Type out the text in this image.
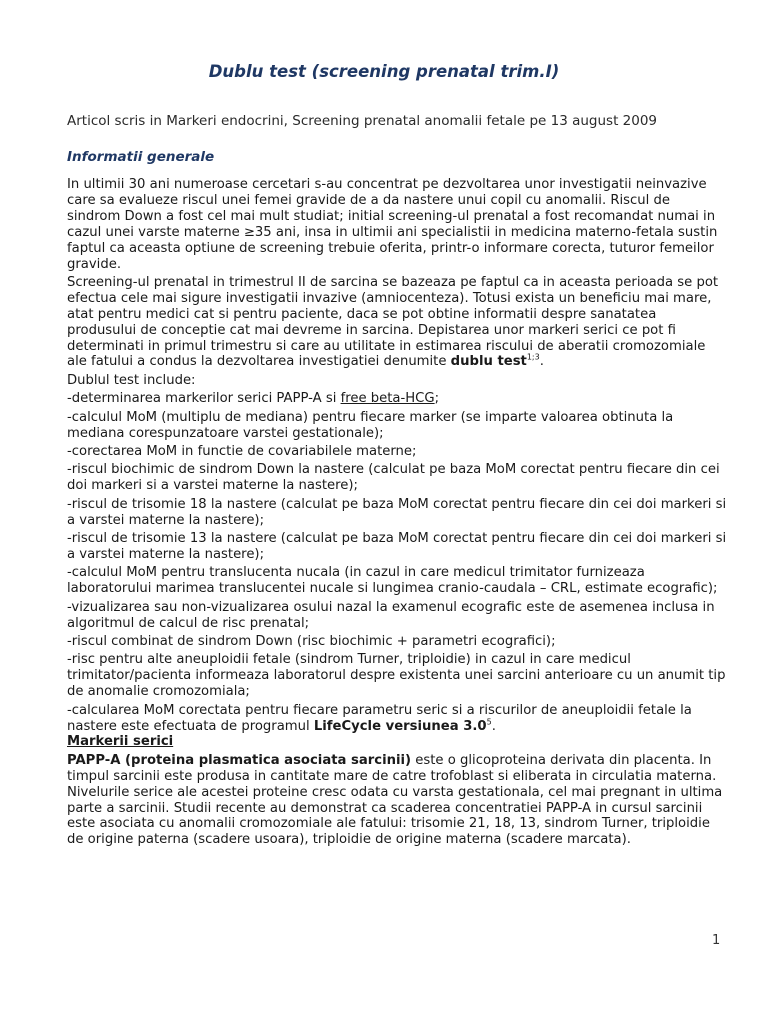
Dublu test (screening prenatal trim.I)

Articol scris in Markeri endocrini, Screening prenatal anomalii fetale pe 13 august 2009

Informatii generale

In ultimii 30 ani numeroase cercetari s-au concentrat pe dezvoltarea unor investigatii neinvazive care sa evalueze riscul unei femei gravide de a da nastere unui copil cu anomalii. Riscul de sindrom Down a fost cel mai mult studiat; initial screening-ul prenatal a fost recomandat numai in cazul unei varste materne ≥35 ani, insa in ultimii ani specialistii in medicina materno-fetala sustin faptul ca aceasta optiune de screening trebuie oferita, printr-o informare corecta, tuturor femeilor gravide.

Screening-ul prenatal in trimestrul II de sarcina se bazeaza pe faptul ca in aceasta perioada se pot efectua cele mai sigure investigatii invazive (amniocenteza). Totusi exista un beneficiu mai mare, atat pentru medici cat si pentru paciente, daca se pot obtine informatii despre sanatatea produsului de conceptie cat mai devreme in sarcina. Depistarea unor markeri serici ce pot fi determinati in primul trimestru si care au utilitate in estimarea riscului de aberatii cromozomiale ale fatului a condus la dezvoltarea investigatiei denumite dublu test$^{1;3}$.

Dublul test include:

-determinarea markerilor serici PAPP-A si free beta-HCG;

-calculul MoM (multiplu de mediana) pentru fiecare marker (se imparte valoarea obtinuta la mediana corespunzatoare varstei gestationale);

-corectarea MoM in functie de covariabilele materne;

-riscul biochimic de sindrom Down la nastere (calculat pe baza MoM corectat pentru fiecare din cei doi markeri si a varstei materne la nastere);

-riscul de trisomie 18 la nastere (calculat pe baza MoM corectat pentru fiecare din cei doi markeri si a varstei materne la nastere);

-riscul de trisomie 13 la nastere (calculat pe baza MoM corectat pentru fiecare din cei doi markeri si a varstei materne la nastere);

-calculul MoM pentru translucenta nucala (in cazul in care medicul trimitator furnizeaza laboratorului marimea translucentei nucale si lungimea cranio-caudala – CRL, estimate ecografic);

-vizualizarea sau non-vizualizarea osului nazal la examenul ecografic este de asemenea inclusa in algoritmul de calcul de risc prenatal;

-riscul combinat de sindrom Down (risc biochimic + parametri ecografici);

-risc pentru alte aneuploidii fetale (sindrom Turner, triploidie) in cazul in care medicul trimitator/pacienta informeaza laboratorul despre existenta unei sarcini anterioare cu un anumit tip de anomalie cromozomiala;

-calcularea MoM corectata pentru fiecare parametru seric si a riscurilor de aneuploidii fetale la nastere este efectuata de programul LifeCycle versiunea $3.0^5$.

Markerii serici

PAPP-A (proteina plasmatica asociata sarcinii) este o glicoproteina derivata din placenta. In timpul sarcinii este produsa in cantitate mare de catre trofoblast si eliberata in circulatia materna. Nivelurile serice ale acestei proteine cresc odata cu varsta gestationala, cel mai pregnant in ultima parte a sarcinii. Studii recente au demonstrat ca scaderea concentratiei PAPP-A in cursul sarcinii este asociata cu anomalii cromozomiale ale fatului: trisomie 21, 18, 13, sindrom Turner, triploidie de origine paterna (scadere usoara), triploidie de origine materna (scadere marcata).

1
